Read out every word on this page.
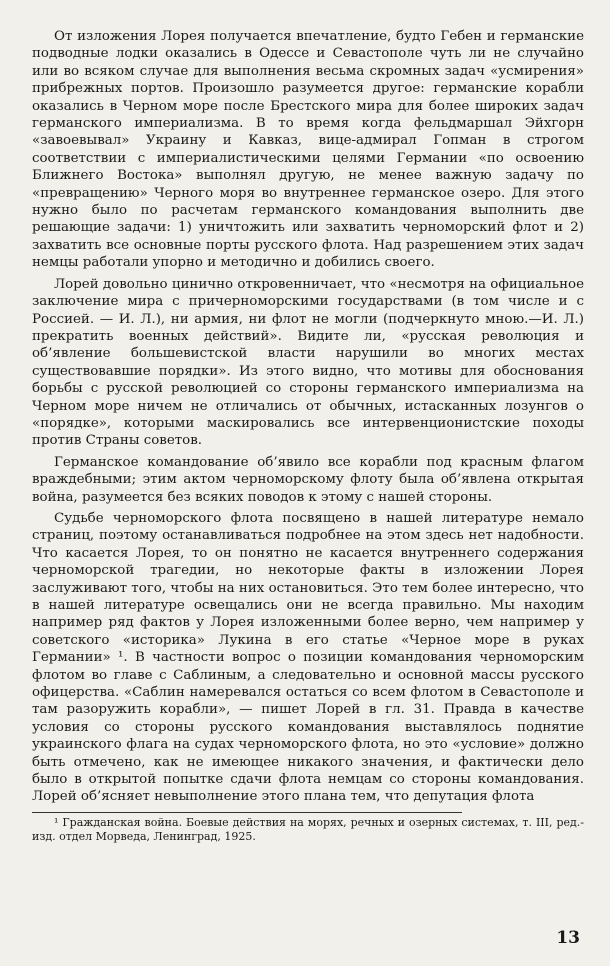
От изложения Лорея получается впечатление, будто Гебен и германские подводные лодки оказались в Одессе и Севастополе чуть ли не случайно или во всяком случае для выполнения весьма скромных задач «усмирения» прибрежных портов. Произошло разумеется другое: германские корабли оказались в Черном море после Брестского мира для более широких задач германского империализма. В то время когда фельдмаршал Эйхгорн «завоевывал» Украину и Кавказ, вице-адмирал Гопман в строгом соответствии с империалистическими целями Германии «по освоению Ближнего Востока» выполнял другую, не менее важную задачу по «превращению» Черного моря во внутреннее германское озеро. Для этого нужно было по расчетам германского командования выполнить две решающие задачи: 1) уничтожить или захватить черноморский флот и 2) захватить все основные порты русского флота. Над разрешением этих задач немцы работали упорно и методично и добились своего.

Лорей довольно цинично откровенничает, что «несмотря на официальное заключение мира с причерноморскими государствами (в том числе и с Россией. — И. Л.), ни армия, ни флот не могли (подчеркнуто мною.—И. Л.) прекратить военных действий». Видите ли, «русская революция и об’явление большевистской власти нарушили во многих местах существовавшие порядки». Из этого видно, что мотивы для обоснования борьбы с русской революцией со стороны германского империализма на Черном море ничем не отличались от обычных, истасканных лозунгов о «порядке», которыми маскировались все интервенционистские походы против Страны советов.

Германское командование об’явило все корабли под красным флагом враждебными; этим актом черноморскому флоту была об’явлена открытая война, разумеется без всяких поводов к этому с нашей стороны.

Судьбе черноморского флота посвящено в нашей литературе немало страниц, поэтому останавливаться подробнее на этом здесь нет надобности. Что касается Лорея, то он понятно не касается внутреннего содержания черноморской трагедии, но некоторые факты в изложении Лорея заслуживают того, чтобы на них остановиться. Это тем более интересно, что в нашей литературе освещались они не всегда правильно. Мы находим например ряд фактов у Лорея изложенными более верно, чем например у советского «историка» Лукина в его статье «Черное море в руках Германии» ¹. В частности вопрос о позиции командования черноморским флотом во главе с Саблиным, а следовательно и основной массы русского офицерства. «Саблин намеревался остаться со всем флотом в Севастополе и там разоружить корабли», — пишет Лорей в гл. 31. Правда в качестве условия со стороны русского командования выставлялось поднятие украинского флага на судах черноморского флота, но это «условие» должно быть отмечено, как не имеющее никакого значения, и фактически дело было в открытой попытке сдачи флота немцам со стороны командования. Лорей об’ясняет невыполнение этого плана тем, что депутация флота

¹ Гражданская война. Боевые действия на морях, речных и озерных системах, т. III, ред.-изд. отдел Морведа, Ленинград, 1925.

13
